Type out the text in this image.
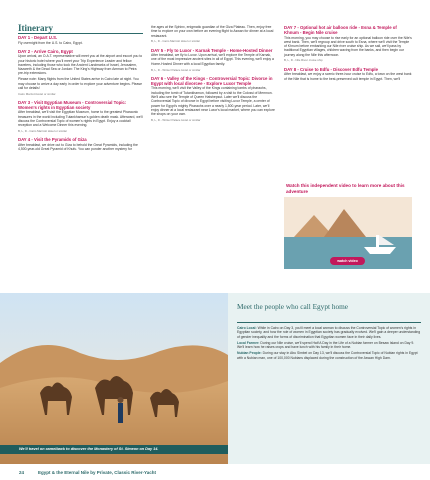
Itinerary
DAY 1 - Depart U.S.

Fly overnight from the U.S. to Cairo, Egypt.

DAY 2 - Arrive Cairo, Egypt

Upon arrival, an O.A.T. representative will meet you at the airport and escort you to your historic hotel where you'll meet your Trip Experience Leader and fellow travelers, including those who took the Ancient Landmarks of Israel, Jerusalem, Nazareth & the Dead Sea or Jordan: The King's Highway from Amman to Petra pre-trip extensions.

Please note: Many flights from the United States arrive in Cairo late at night. You may choose to arrive a day early in order to explore your adventure begins. Please call for details!

Cairo Marriott Hotel or similar
DAY 3 - Visit Egyptian Museum - Controversial Topic: Women's rights in Egyptian society

After breakfast, we'll visit the Egyptian Museum, home to the greatest Pharaonic treasures in the world including Tutankhamun's golden death mask. Afterward, we'll discuss the Controversial Topic of women's rights in Egypt. Enjoy a cocktail reception and a Welcome Dinner this evening.

B, L, D - Cairo Marriott Hotel or similar
DAY 4 - Visit the Pyramids of Giza

After breakfast, we drive out to Giza to behold the Great Pyramids, including the 4,500-year-old Great Pyramid of Khufu. You can ponder another mystery for

the ages at the Sphinx, enigmatic guardian of the Giza Plateau. Then, enjoy free time to explore on your own before an evening flight to Aswan for dinner at a local restaurant.

B, L, D - Cairo Marriott Hotel or similar
DAY 5 - Fly to Luxor - Karnak Temple - Home-Hosted Dinner

After breakfast, we fly to Luxor. Upon arrival, we'll explore the Temple of Karnak, one of the most impressive ancient sites in all of Egypt. This evening, we'll enjoy a Home-Hosted Dinner with a local Egyptian family.

B, L, D - Winter Palace Hotel or similar
DAY 6 - Valley of the Kings - Controversial Topic: Divorce in Egypt with local divorcee - Explore Luxor Temple

This morning, we'll visit the Valley of the Kings containing tombs of pharaohs, including the tomb of Tutankhamun, followed by a visit to the Colossi of Memnon. We'll also see the Temple of Queen Hatshepsut. Later we'll discuss the Controversial Topic of divorce in Egypt before visiting Luxor Temple, a center of power for Egypt's mighty Pharaohs over a nearly 1,500-year period. Later, we'll enjoy dinner at a local restaurant near Luxor's local market, where you can explore the shops on your own.

B, L, D - Winter Palace Hotel or similar
DAY 7 - Optional hot air balloon ride - Esna & Temple of Khnum - Begin Nile cruise

This morning, you may choose to rise early for an optional balloon ride over the Nile's west bank. Then, we'll regroup and drive south to Esna, where we'll visit the Temple of Khnum before embarking our Nile river cruise ship. As we sail, we'll pass by traditional Egyptian villages, children waving from the banks, and then begin our journey along the Nile this afternoon.

B, L, D - Nile River cruise ship
DAY 8 - Cruise to Edfu - Discover Edfu Temple

After breakfast, we enjoy a scenic three-hour cruise to Edfu, a town on the west bank of the Nile that is home to the best-preserved cult temple in Egypt. Then, we'll

Watch this independent video to learn more about this adventure
watch video
We'll travel on camelback to discover the Monastery of St. Simeon on Day 14.
Meet the people who call Egypt home

Cairo Local: While in Cairo on Day 3, you'll meet a local woman to discuss the Controversial Topic of women's rights in Egyptian society, and how the role of women in Egyptian society has gradually evolved. We'll gain a deeper understanding of gender inequality and the forms of discrimination that Egyptian women face in their daily lives.

Local Farmer: During our Nile cruise, we'll spend Half A Day in the Life of a Nubian farmer on Besaw Island on Day 9. We'll learn how he raises crops and have lunch with his family in their home.

Nubian People: During our stay in Abu Simbel on Day 13, we'll discuss the Controversial Topic of Nubian rights in Egypt with a Nubian man, one of 100,000 Nubians displaced during the construction of the Aswan High Dam.

24	Egypt & the Eternal Nile by Private, Classic River-Yacht
